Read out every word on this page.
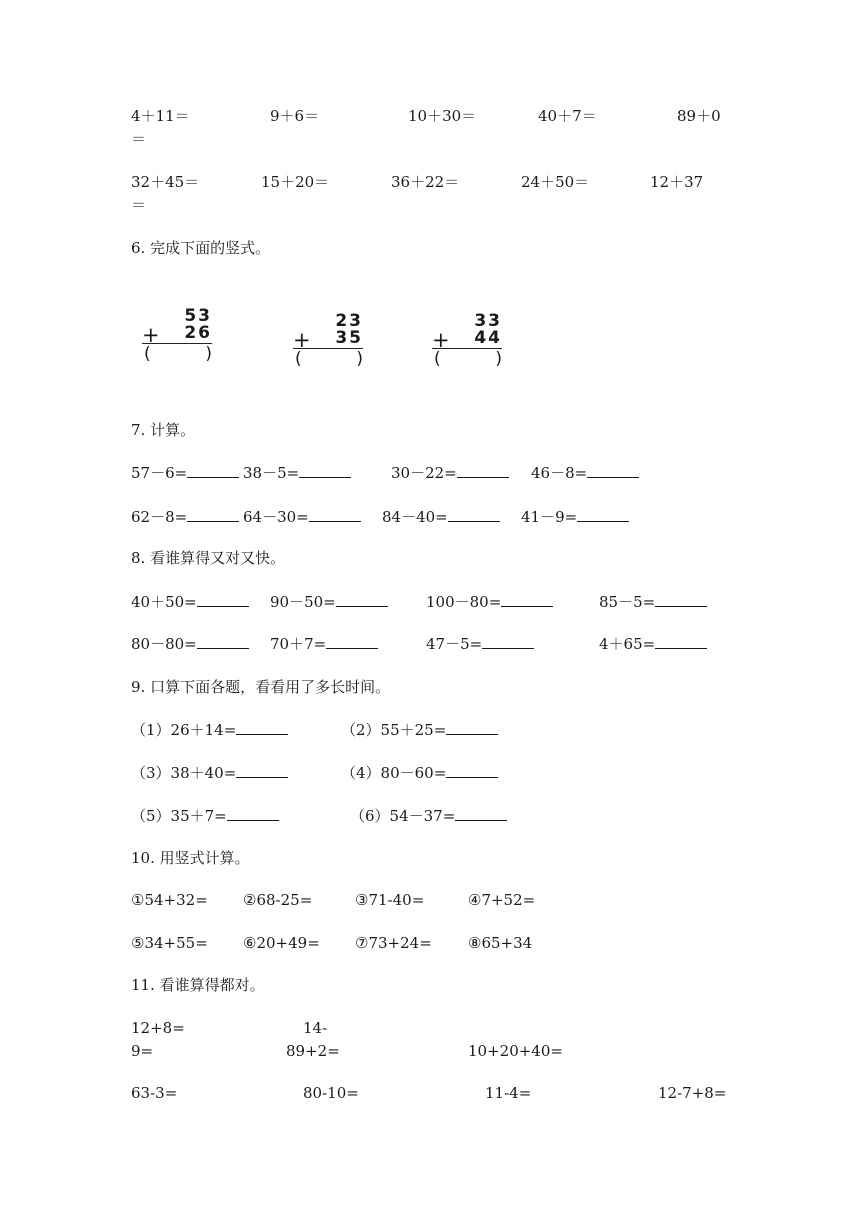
4＋11＝	9＋6＝	10＋30＝	40＋7＝	89＋0
＝
32＋45＝	15＋20＝	36＋22＝	24＋50＝	12＋37
＝
6. 完成下面的竖式。
53
+ 26
(	)
23
+ 35
(	)
33
+ 44
(	)
7. 计算。
57－6=	38－5=	30－22=	46－8=
62－8=	64－30=	84－40=	41－9=
8. 看谁算得又对又快。
40＋50=	90－50=	100－80=	85－5=
80－80=	70＋7=	47－5=	4＋65=
9. 口算下面各题，看看用了多长时间。
（1）26＋14=	（2）55＋25=
（3）38＋40=	（4）80－60=
（5）35＋7=	（6）54－37=
10. 用竖式计算。
①54+32= ②68-25=	③71-40=	④7+52=
⑤34+55= ⑥20+49= ⑦73+24= ⑧65+34
11. 看谁算得都对。
12+8=	14-
9=	89+2=	10+20+40=
63-3=	80-10=	11-4=	12-7+8=
